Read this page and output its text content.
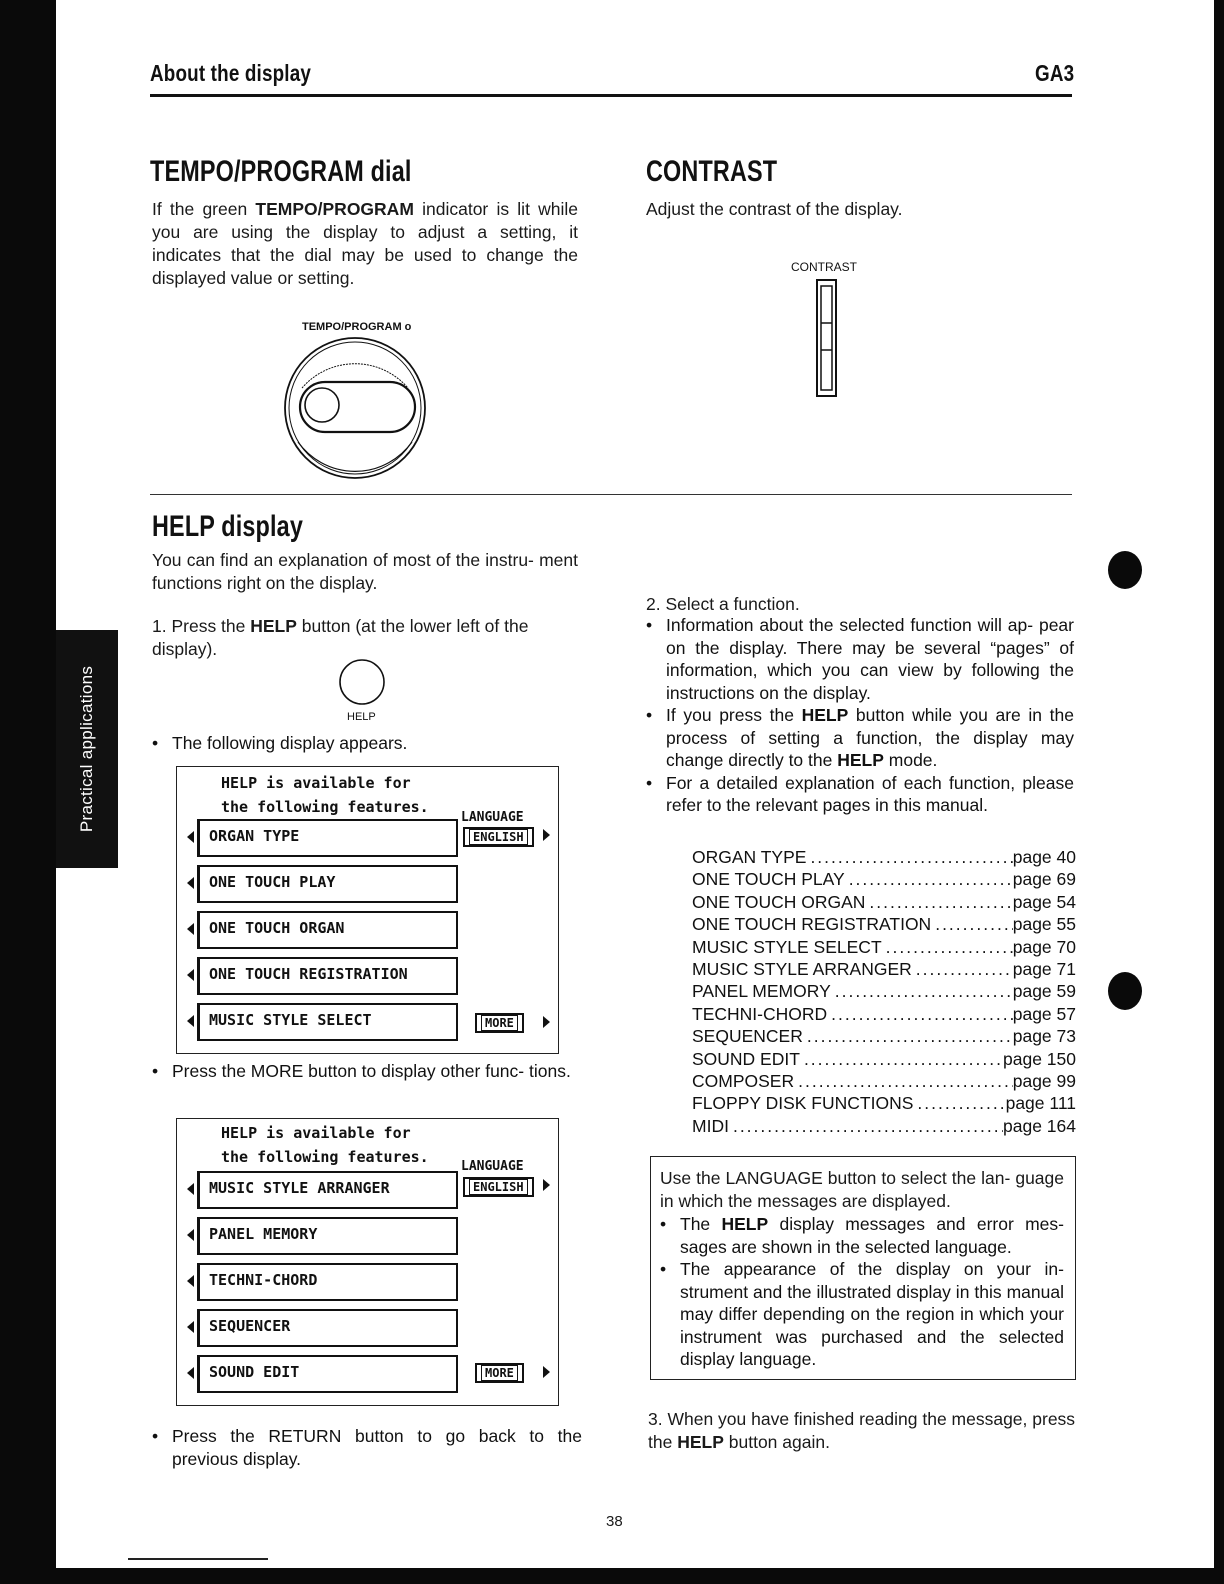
Practical applications
About the display	GA3
TEMPO/PROGRAM dial
If the green TEMPO/PROGRAM indicator is lit while you are using the display to adjust a setting, it indicates that the dial may be used to change the displayed value or setting.
TEMPO/PROGRAM o
CONTRAST
Adjust the contrast of the display.
CONTRAST
HELP display
You can find an explanation of most of the instru- ment functions right on the display.
1. Press the HELP button (at the lower left of the display).
HELP
• The following display appears.
HELP is available for
the following features.
LANGUAGE
ENGLISH
ORGAN TYPE
ONE TOUCH PLAY
ONE TOUCH ORGAN
ONE TOUCH REGISTRATION
MUSIC STYLE SELECT	MORE
• Press the MORE button to display other func- tions.
HELP is available for
the following features.
LANGUAGE
ENGLISH
MUSIC STYLE ARRANGER
PANEL MEMORY
TECHNI-CHORD
SEQUENCER
SOUND EDIT	MORE
• Press the RETURN button to go back to the previous display.
2. Select a function.
• Information about the selected function will ap- pear on the display. There may be several “pages” of information, which you can view by following the instructions on the display.
• If you press the HELP button while you are in the process of setting a function, the display may change directly to the HELP mode.
• For a detailed explanation of each function, please refer to the relevant pages in this manual.
ORGAN TYPE .....	page 40
ONE TOUCH PLAY .....	page 69
ONE TOUCH ORGAN .....	page 54
ONE TOUCH REGISTRATION .....	page 55
MUSIC STYLE SELECT .....	page 70
MUSIC STYLE ARRANGER .....	page 71
PANEL MEMORY .....	page 59
TECHNI-CHORD .....	page 57
SEQUENCER .....	page 73
SOUND EDIT .....	page 150
COMPOSER .....	page 99
FLOPPY DISK FUNCTIONS .....	page 111
MIDI .....	page 164
Use the LANGUAGE button to select the lan- guage in which the messages are displayed.
• The HELP display messages and error mes- sages are shown in the selected language.
• The appearance of the display on your in- strument and the illustrated display in this manual may differ depending on the region in which your instrument was purchased and the selected display language.
3. When you have finished reading the message, press the HELP button again.
38
